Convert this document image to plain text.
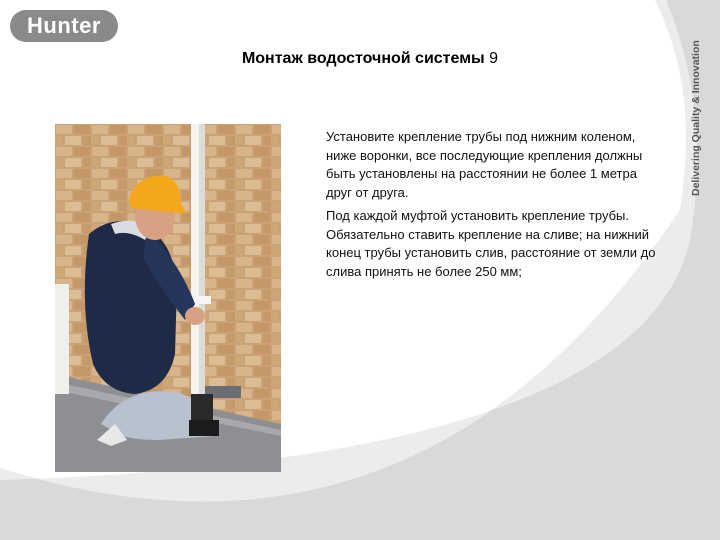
Hunter
Монтаж водосточной системы 9

Установите крепление трубы под нижним коленом, ниже воронки, все последующие крепления должны быть установлены на расстоянии не более 1 метра друг от друга.

Под каждой муфтой установить крепление трубы. Обязательно ставить крепление на сливе; на нижний конец трубы установить слив, расстояние от земли до слива принять не более 250 мм;
